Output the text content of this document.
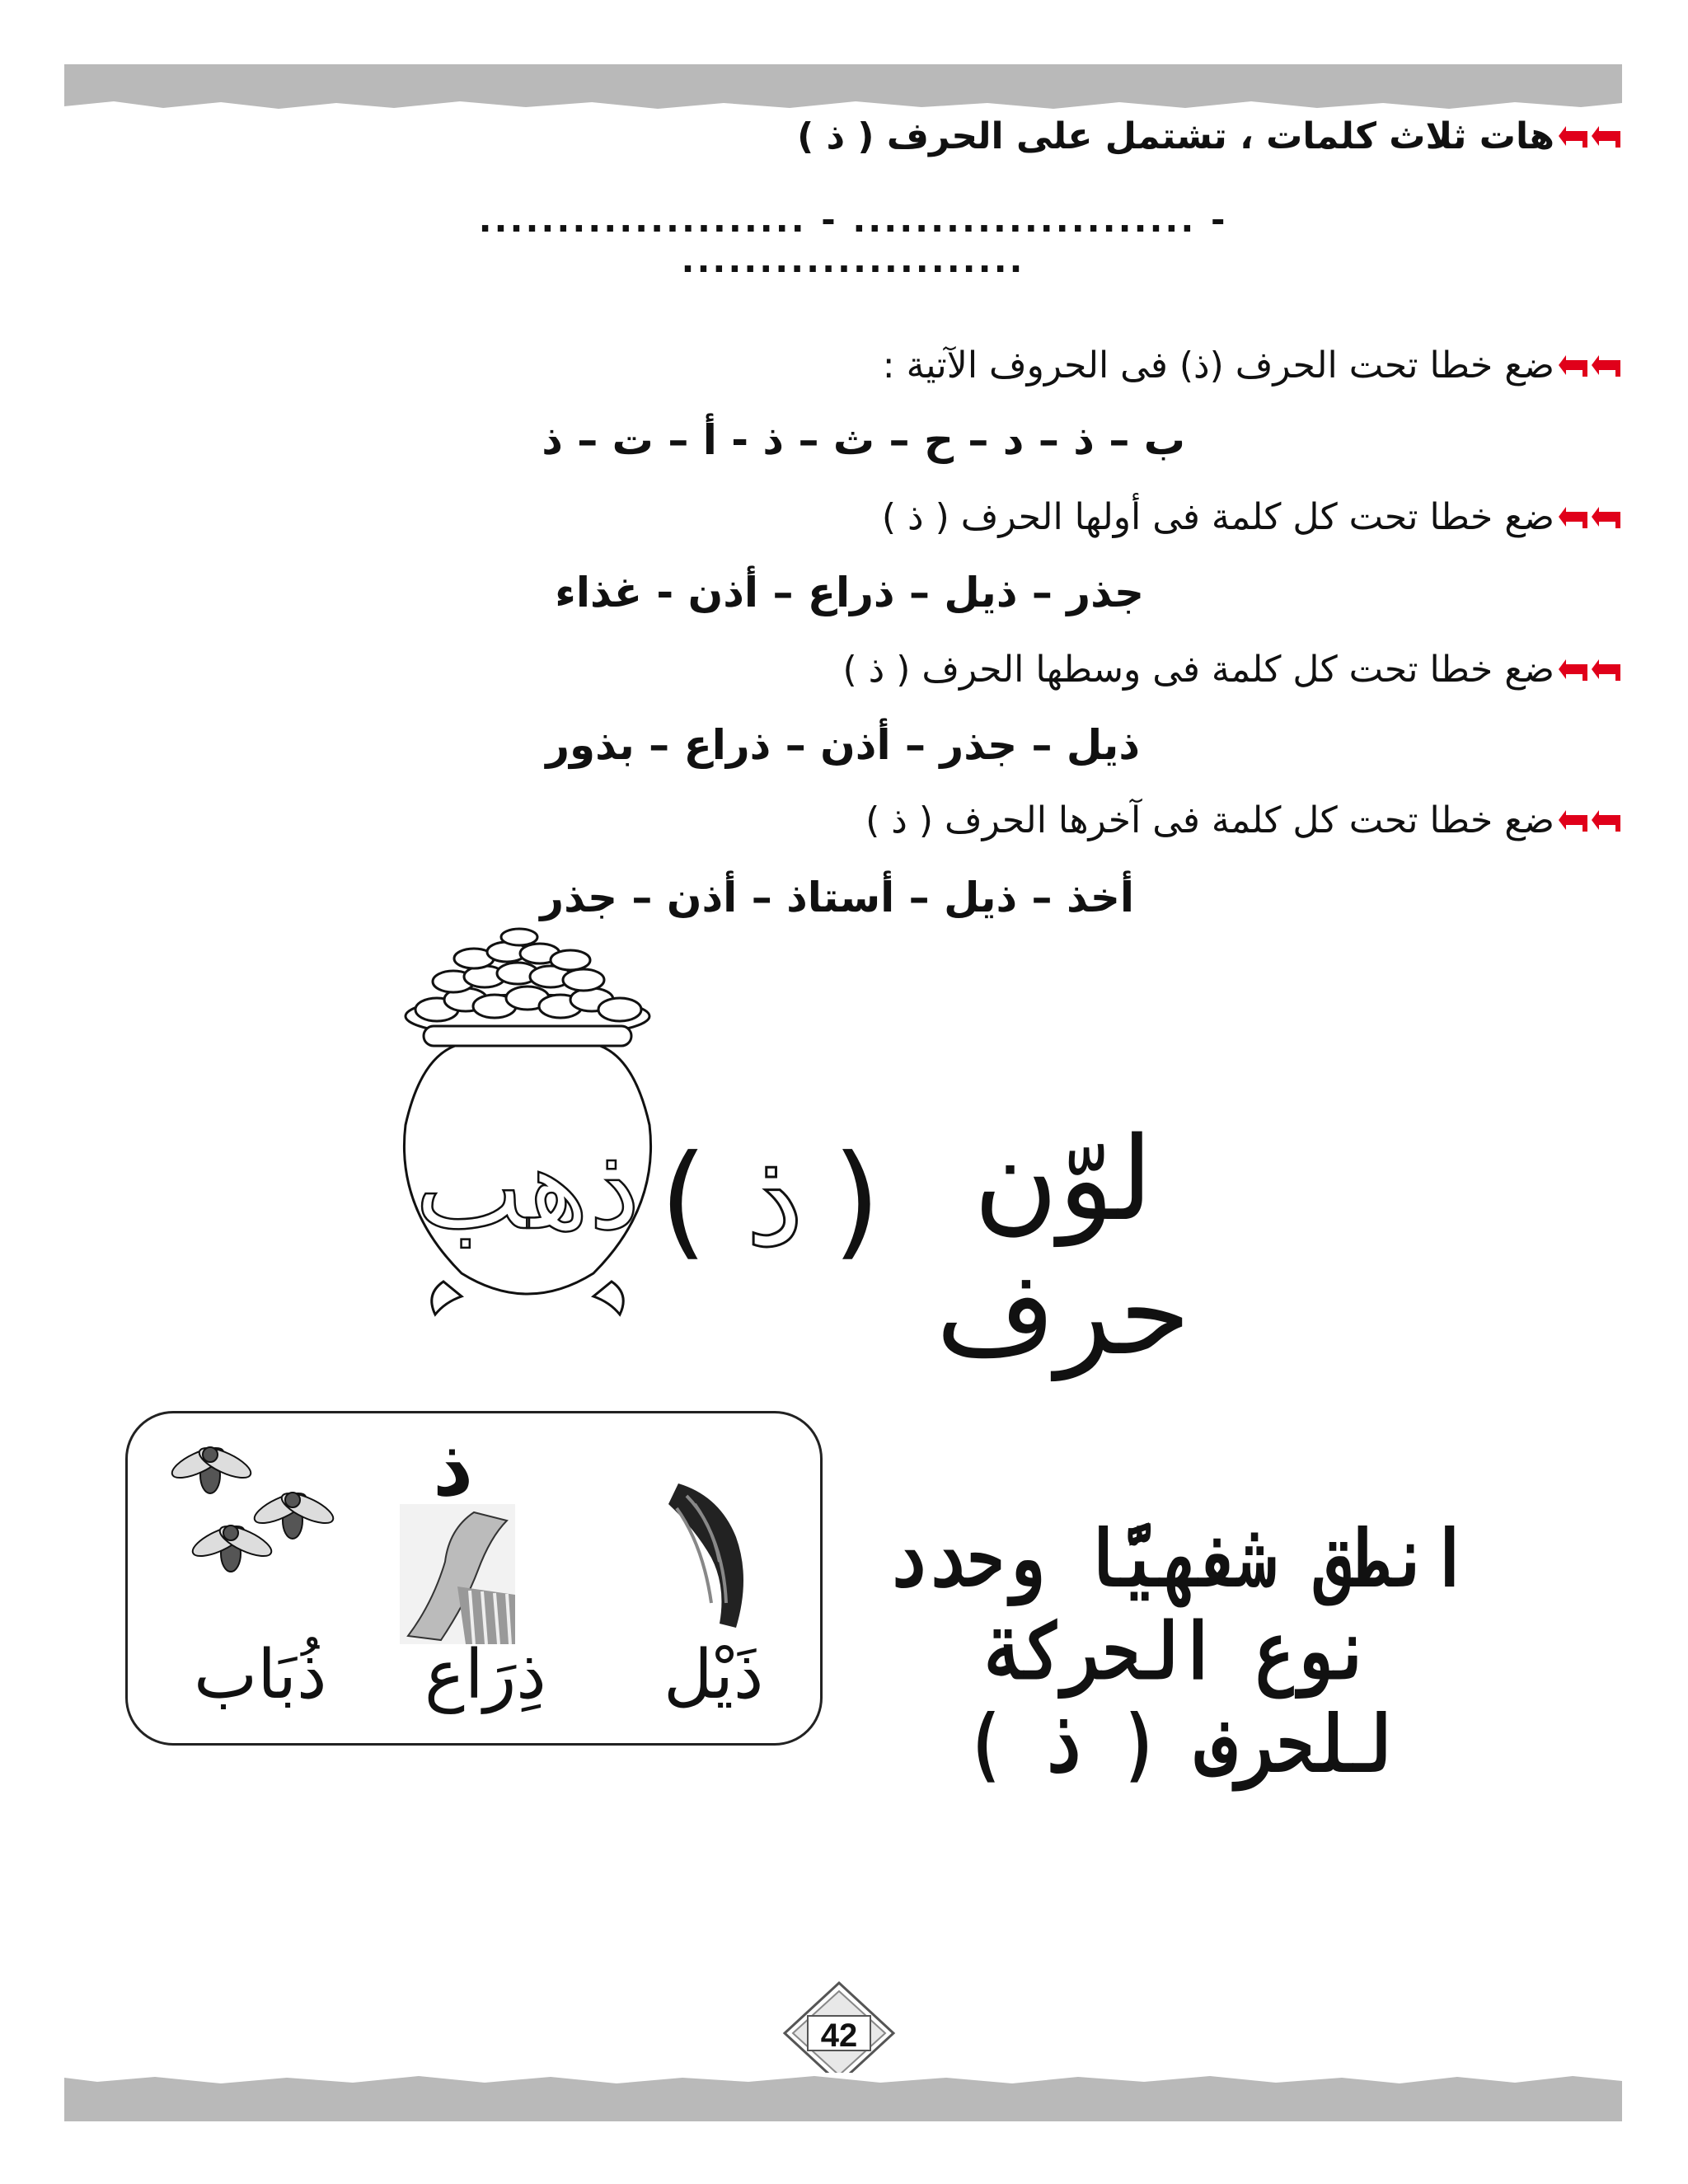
هات ثلاث كلمات ، تشتمل على الحرف ( ذ )
..................... - ...................... - ......................
ضع خطا تحت الحرف (ذ) فى الحروف الآتية :
ب – ذ – د – ح – ث – ذ - أ – ت – ذ
ضع خطا تحت كل كلمة فى أولها الحرف ( ذ )
جذر – ذيل – ذراع – أذن - غذاء
ضع خطا تحت كل كلمة فى وسطها الحرف ( ذ )
ذيل – جذر – أذن – ذراع – بذور
ضع خطا تحت كل كلمة فى آخرها الحرف ( ذ )
أخذ – ذيل – أستاذ – أذن – جذر
ذهب ) ذ ( لوّن حرف
ذ
ذَيْل
ذِرَاع
ذُبَاب
انطق شفهيًّا وحدد نوع الحركة للحرف ( ذ )
42
